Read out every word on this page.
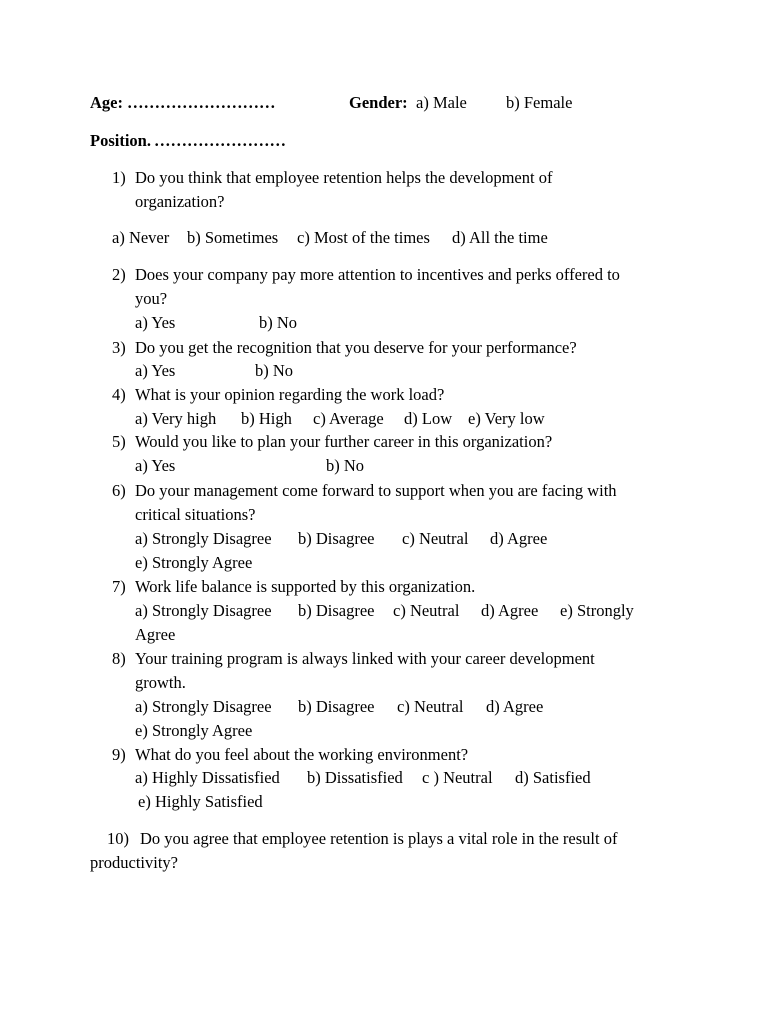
Age: ………………………	Gender: a) Male b) Female
Position. ……………………
1) Do you think that employee retention helps the development of
organization?
a) Never b) Sometimes c) Most of the times d) All the time
2) Does your company pay more attention to incentives and perks offered to
you?
a) Yes	b) No
3) Do you get the recognition that you deserve for your performance?
a) Yes	b) No
4) What is your opinion regarding the work load?
a) Very high b) High c) Average d) Low e) Very low
5) Would you like to plan your further career in this organization?
a) Yes	b) No
6) Do your management come forward to support when you are facing with
critical situations?
a) Strongly Disagree b) Disagree c) Neutral d) Agree
e) Strongly Agree
7) Work life balance is supported by this organization.
a) Strongly Disagree b) Disagree c) Neutral d) Agree e) Strongly
Agree
8) Your training program is always linked with your career development
growth.
a) Strongly Disagree b) Disagree c) Neutral d) Agree
e) Strongly Agree
9) What do you feel about the working environment?
a) Highly Dissatisfied b) Dissatisfied c ) Neutral d) Satisfied
e) Highly Satisfied
10) Do you agree that employee retention is plays a vital role in the result of
productivity?
